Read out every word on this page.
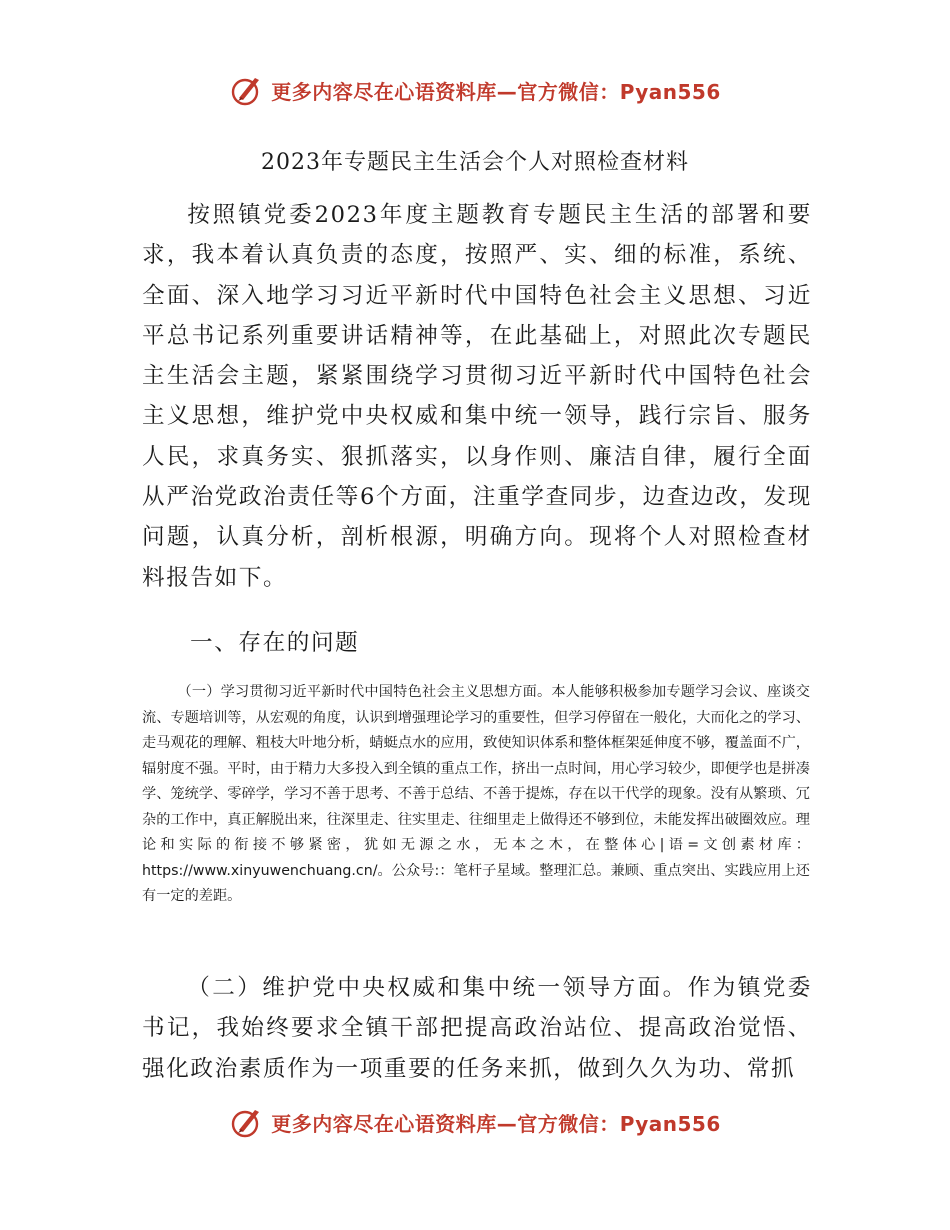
更多内容尽在心语资料库—官方微信：Pyan556
2023年专题民主生活会个人对照检查材料

按照镇党委2023年度主题教育专题民主生活的部署和要求，我本着认真负责的态度，按照严、实、细的标准，系统、全面、深入地学习习近平新时代中国特色社会主义思想、习近平总书记系列重要讲话精神等，在此基础上，对照此次专题民主生活会主题，紧紧围绕学习贯彻习近平新时代中国特色社会主义思想，维护党中央权威和集中统一领导，践行宗旨、服务人民，求真务实、狠抓落实，以身作则、廉洁自律，履行全面从严治党政治责任等6个方面，注重学查同步，边查边改，发现问题，认真分析，剖析根源，明确方向。现将个人对照检查材料报告如下。

一、存在的问题

（一）学习贯彻习近平新时代中国特色社会主义思想方面。本人能够积极参加专题学习会议、座谈交流、专题培训等，从宏观的角度，认识到增强理论学习的重要性，但学习停留在一般化，大而化之的学习、走马观花的理解、粗枝大叶地分析，蜻蜓点水的应用，致使知识体系和整体框架延伸度不够，覆盖面不广，辐射度不强。平时，由于精力大多投入到全镇的重点工作，挤出一点时间，用心学习较少，即便学也是拼凑学、笼统学、零碎学，学习不善于思考、不善于总结、不善于提炼，存在以干代学的现象。没有从繁琐、冗杂的工作中，真正解脱出来，往深里走、往实里走、往细里走上做得还不够到位，未能发挥出破圈效应。理论和实际的衔接不够紧密，犹如无源之水，无本之木，在整体心|语=文创素材库：https://www.xinyuwenchuang.cn/。公众号:：笔杆子星域。整理汇总。兼顾、重点突出、实践应用上还有一定的差距。

（二）维护党中央权威和集中统一领导方面。作为镇党委书记，我始终要求全镇干部把提高政治站位、提高政治觉悟、强化政治素质作为一项重要的任务来抓，做到久久为功、常抓

更多内容尽在心语资料库—官方微信：Pyan556
